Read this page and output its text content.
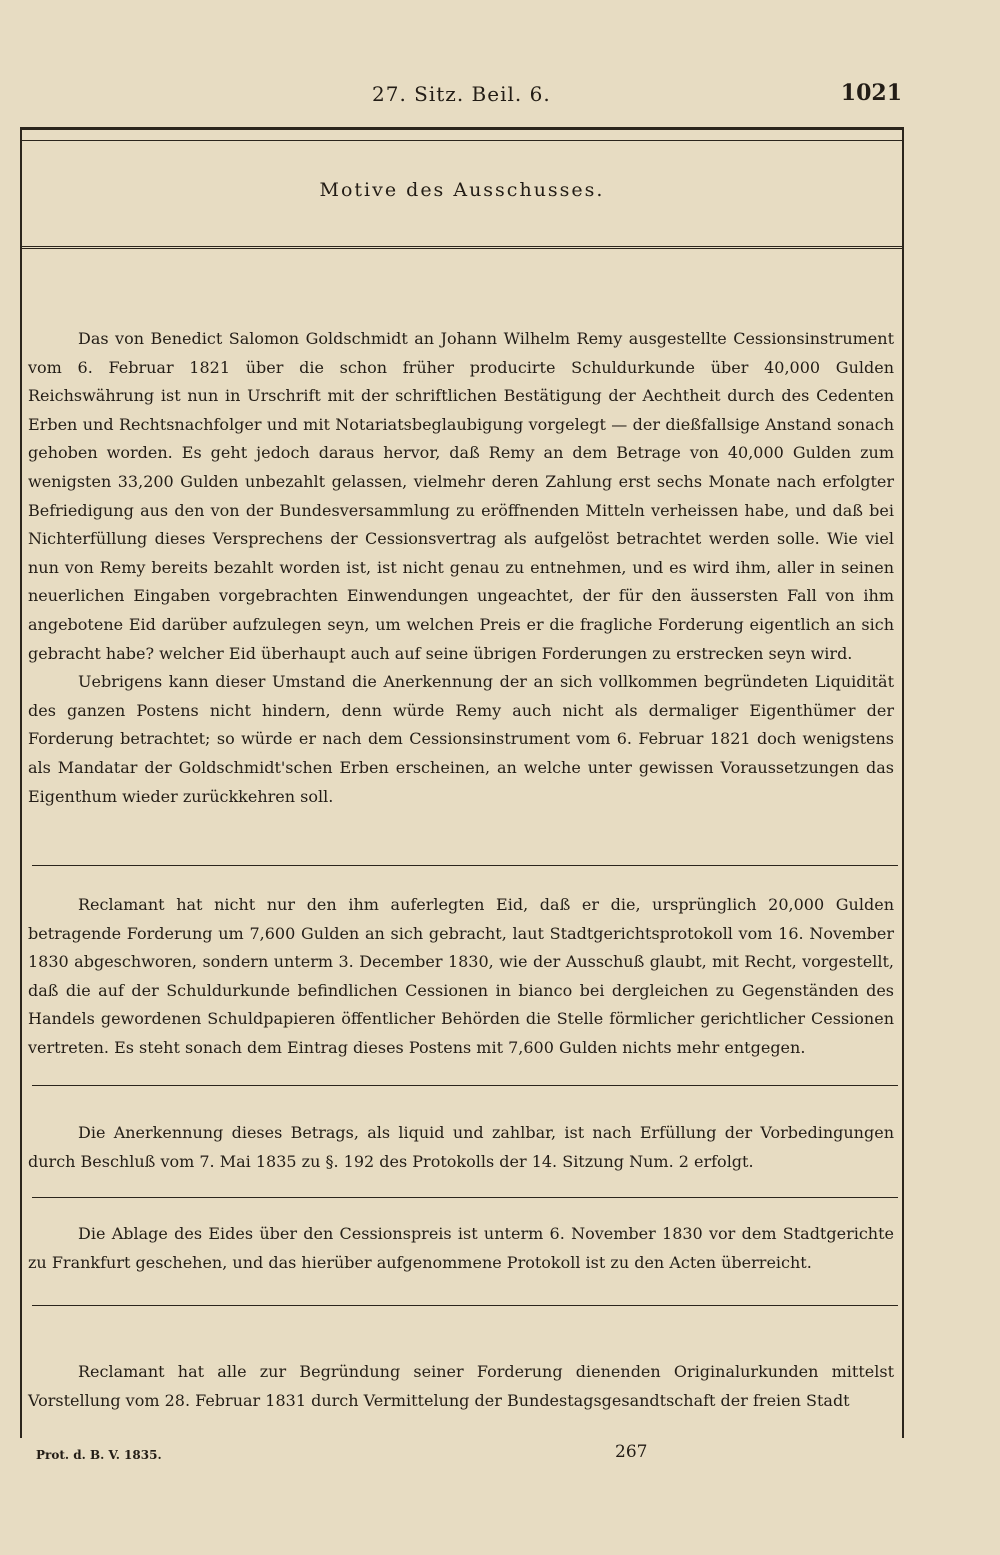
27. Sitz. Beil. 6.	1021
Motive des Ausschusses.

Das von Benedict Salomon Goldschmidt an Johann Wilhelm Remy ausgestellte Cessionsinstrument vom 6. Februar 1821 über die schon früher producirte Schuldurkunde über 40,000 Gulden Reichswährung ist nun in Urschrift mit der schriftlichen Bestätigung der Aechtheit durch des Cedenten Erben und Rechtsnachfolger und mit Notariatsbeglaubigung vorgelegt — der dießfallsige Anstand sonach gehoben worden. Es geht jedoch daraus hervor, daß Remy an dem Betrage von 40,000 Gulden zum wenigsten 33,200 Gulden unbezahlt gelassen, vielmehr deren Zahlung erst sechs Monate nach erfolgter Befriedigung aus den von der Bundesversammlung zu eröffnenden Mitteln verheissen habe, und daß bei Nichterfüllung dieses Versprechens der Cessionsvertrag als aufgelöst betrachtet werden solle. Wie viel nun von Remy bereits bezahlt worden ist, ist nicht genau zu entnehmen, und es wird ihm, aller in seinen neuerlichen Eingaben vorgebrachten Einwendungen ungeachtet, der für den äussersten Fall von ihm angebotene Eid darüber aufzulegen seyn, um welchen Preis er die fragliche Forderung eigentlich an sich gebracht habe? welcher Eid überhaupt auch auf seine übrigen Forderungen zu erstrecken seyn wird.

Uebrigens kann dieser Umstand die Anerkennung der an sich vollkommen begründeten Liquidität des ganzen Postens nicht hindern, denn würde Remy auch nicht als dermaliger Eigenthümer der Forderung betrachtet; so würde er nach dem Cessionsinstrument vom 6. Februar 1821 doch wenigstens als Mandatar der Goldschmidt'schen Erben erscheinen, an welche unter gewissen Voraussetzungen das Eigenthum wieder zurückkehren soll.

Reclamant hat nicht nur den ihm auferlegten Eid, daß er die, ursprünglich 20,000 Gulden betragende Forderung um 7,600 Gulden an sich gebracht, laut Stadtgerichtsprotokoll vom 16. November 1830 abgeschworen, sondern unterm 3. December 1830, wie der Ausschuß glaubt, mit Recht, vorgestellt, daß die auf der Schuldurkunde befindlichen Cessionen in bianco bei dergleichen zu Gegenständen des Handels gewordenen Schuldpapieren öffentlicher Behörden die Stelle förmlicher gerichtlicher Cessionen vertreten. Es steht sonach dem Eintrag dieses Postens mit 7,600 Gulden nichts mehr entgegen.

Die Anerkennung dieses Betrags, als liquid und zahlbar, ist nach Erfüllung der Vorbedingungen durch Beschluß vom 7. Mai 1835 zu §. 192 des Protokolls der 14. Sitzung Num. 2 erfolgt.

Die Ablage des Eides über den Cessionspreis ist unterm 6. November 1830 vor dem Stadtgerichte zu Frankfurt geschehen, und das hierüber aufgenommene Protokoll ist zu den Acten überreicht.

Reclamant hat alle zur Begründung seiner Forderung dienenden Originalurkunden mittelst Vorstellung vom 28. Februar 1831 durch Vermittelung der Bundestagsgesandtschaft der freien Stadt

Prot. d. B. V. 1835.	267
